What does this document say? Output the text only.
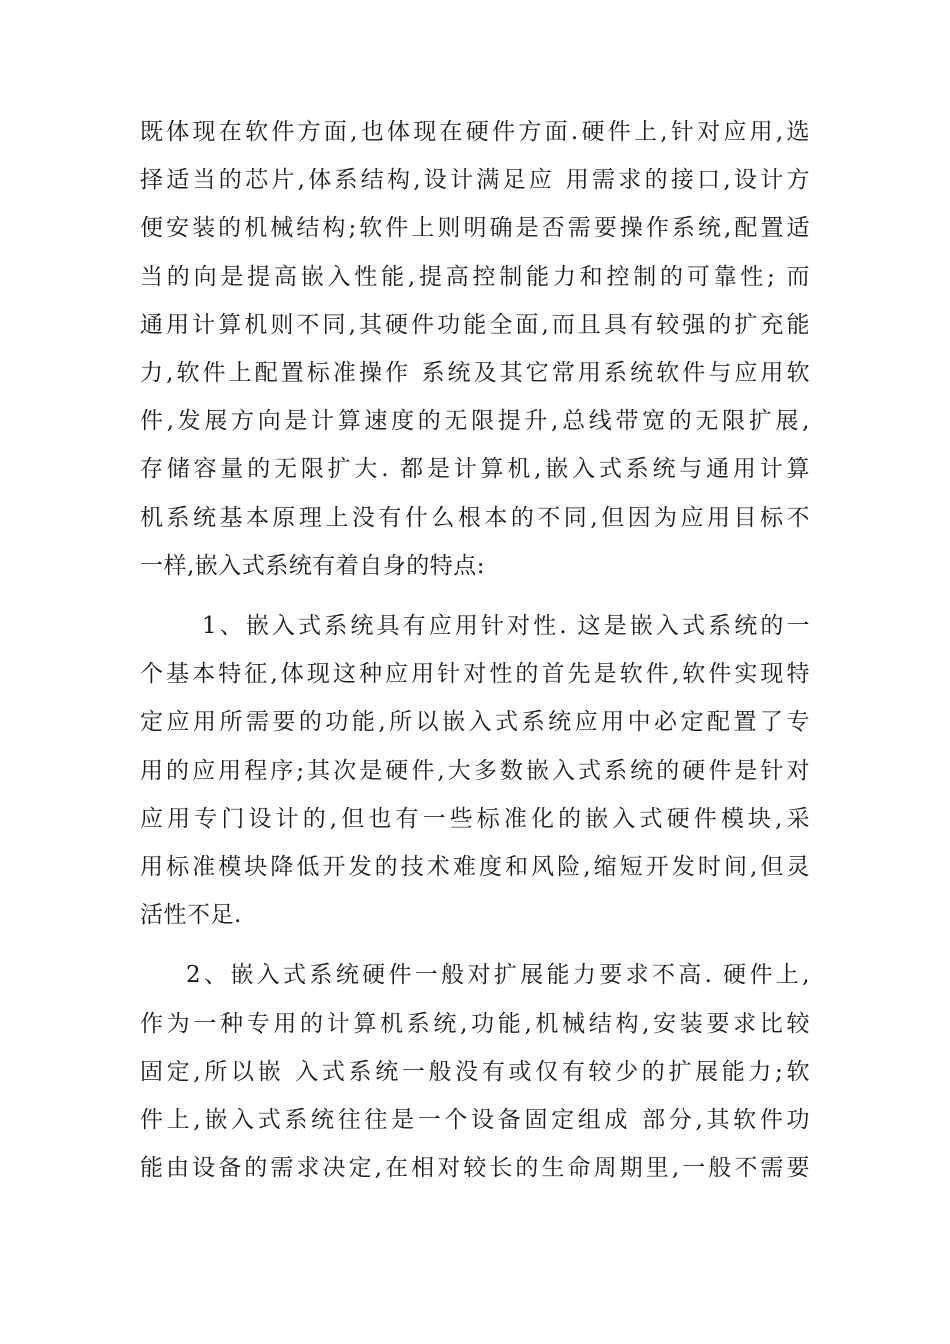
既体现在软件方面,也体现在硬件方面.硬件上,针对应用,选
择适当的芯片,体系结构,设计满足应 用需求的接口,设计方
便安装的机械结构;软件上则明确是否需要操作系统,配置适
当的向是提高嵌入性能,提高控制能力和控制的可靠性; 而
通用计算机则不同,其硬件功能全面,而且具有较强的扩充能
力,软件上配置标准操作 系统及其它常用系统软件与应用软
件,发展方向是计算速度的无限提升,总线带宽的无限扩展,
存储容量的无限扩大. 都是计算机,嵌入式系统与通用计算
机系统基本原理上没有什么根本的不同,但因为应用目标不
一样,嵌入式系统有着自身的特点:
1、嵌入式系统具有应用针对性. 这是嵌入式系统的一
个基本特征,体现这种应用针对性的首先是软件,软件实现特
定应用所需要的功能,所以嵌入式系统应用中必定配置了专
用的应用程序;其次是硬件,大多数嵌入式系统的硬件是针对
应用专门设计的,但也有一些标准化的嵌入式硬件模块,采
用标准模块降低开发的技术难度和风险,缩短开发时间,但灵
活性不足.
2、嵌入式系统硬件一般对扩展能力要求不高. 硬件上,
作为一种专用的计算机系统,功能,机械结构,安装要求比较
固定,所以嵌 入式系统一般没有或仅有较少的扩展能力;软
件上,嵌入式系统往往是一个设备固定组成 部分,其软件功
能由设备的需求决定,在相对较长的生命周期里,一般不需要
